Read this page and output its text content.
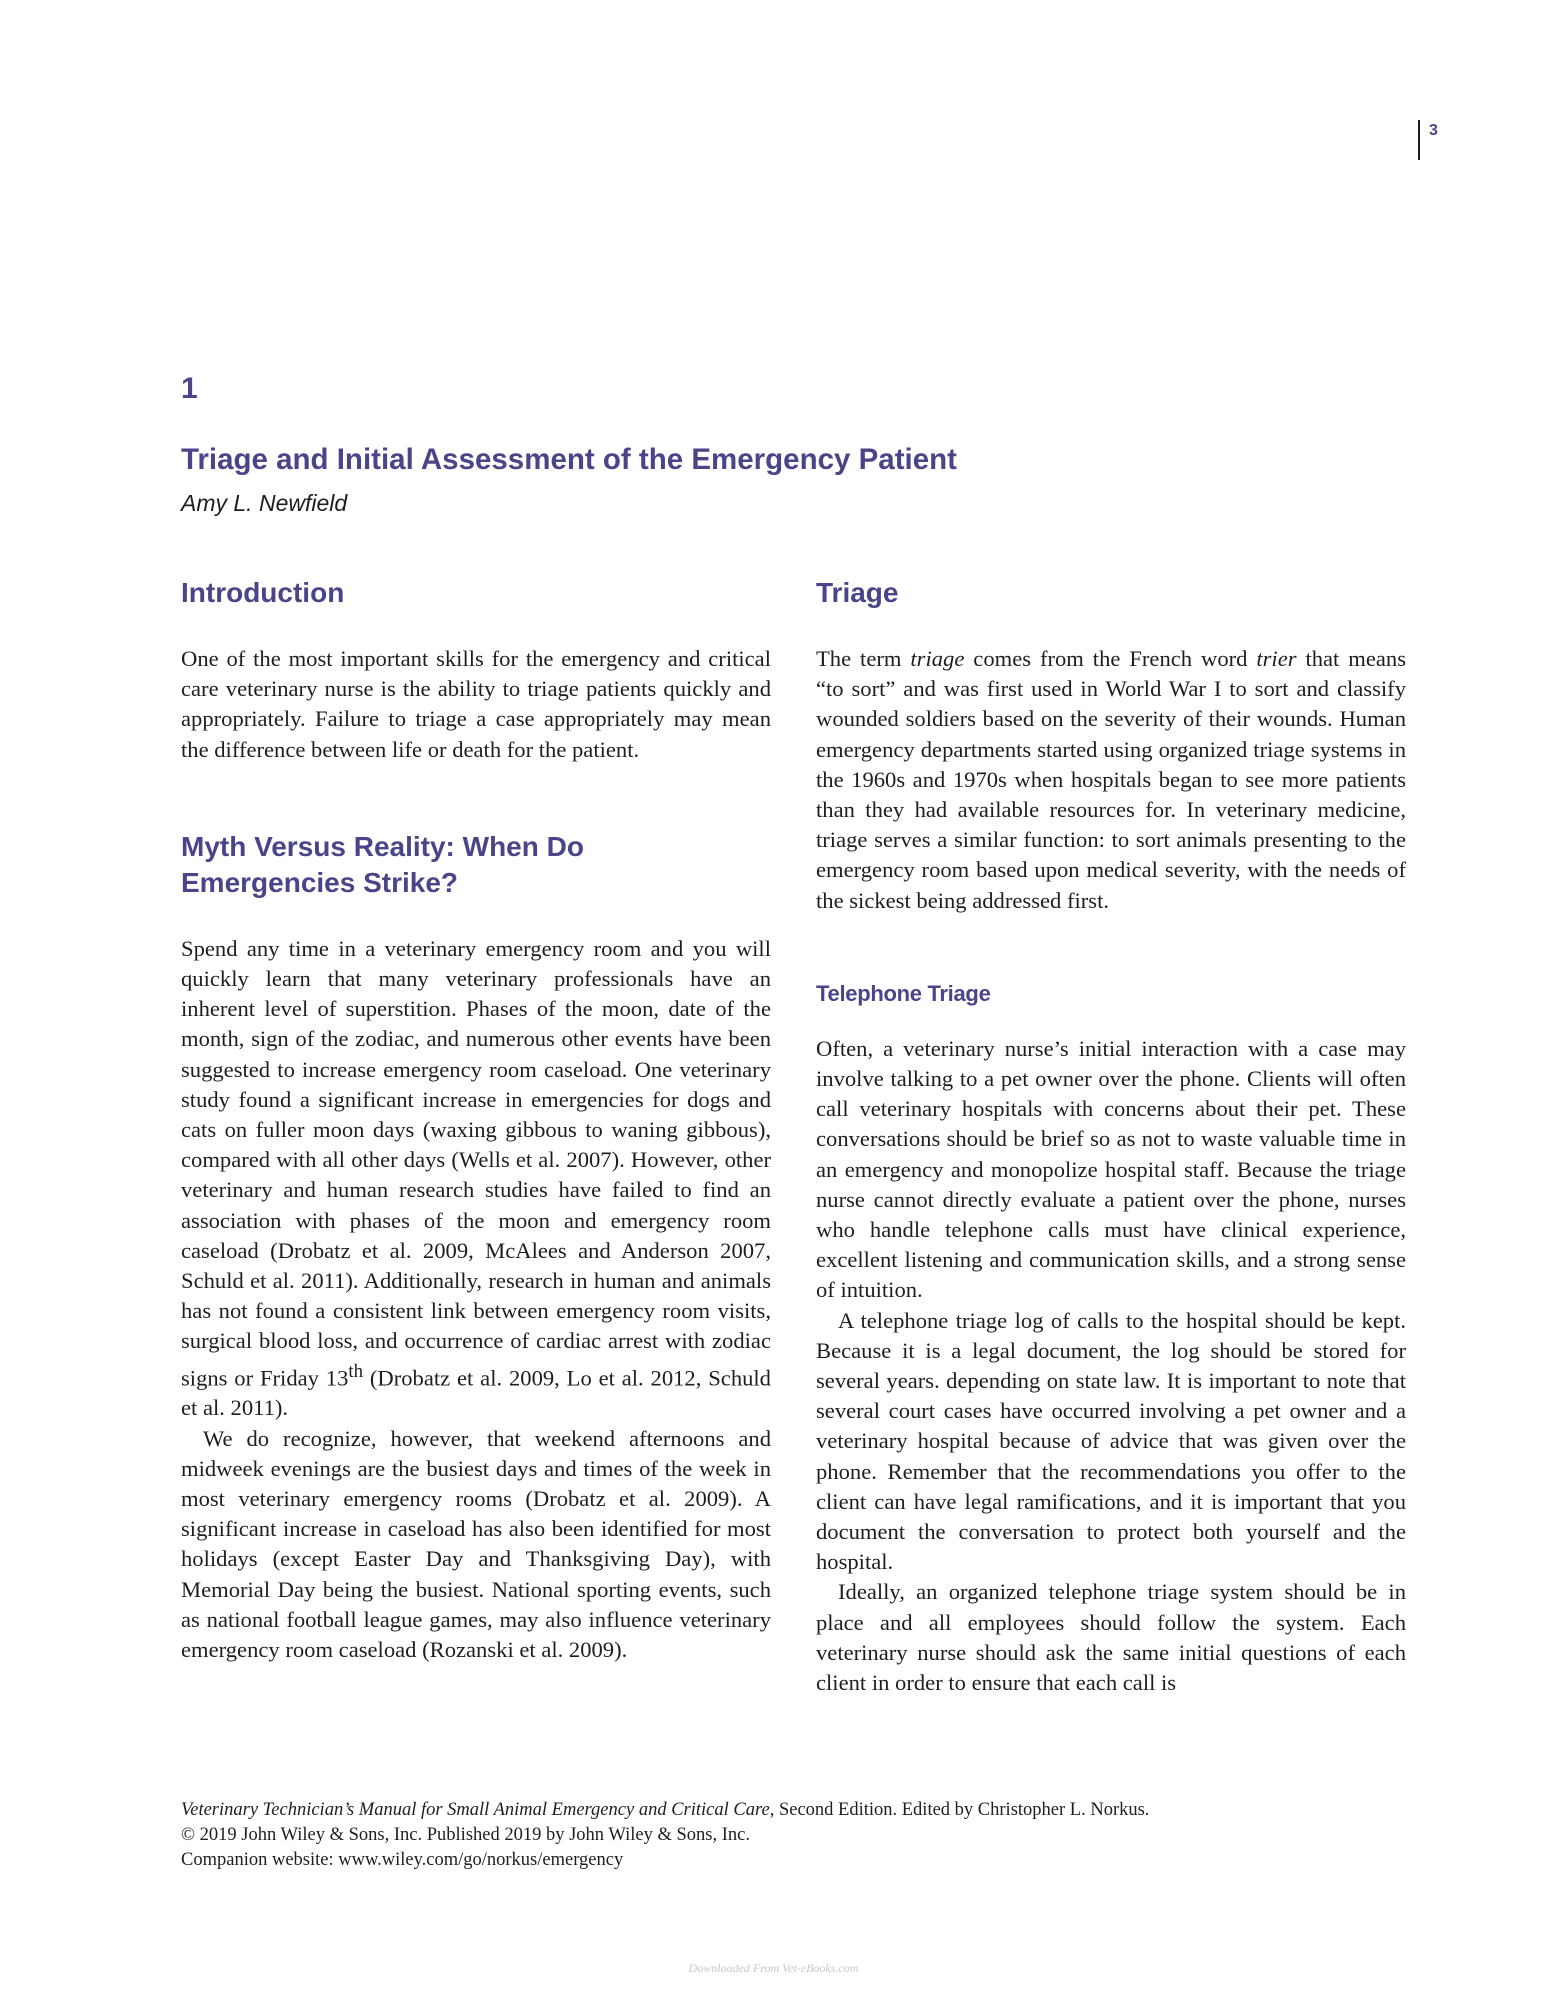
3
1
Triage and Initial Assessment of the Emergency Patient
Amy L. Newfield
Introduction

One of the most important skills for the emergency and critical care veterinary nurse is the ability to triage patients quickly and appropriately. Failure to triage a case appropriately may mean the difference between life or death for the patient.

Myth Versus Reality: When Do
Emergencies Strike?

Spend any time in a veterinary emergency room and you will quickly learn that many veterinary professionals have an inherent level of superstition. Phases of the moon, date of the month, sign of the zodiac, and numerous other events have been suggested to increase emergency room caseload. One veterinary study found a significant increase in emergencies for dogs and cats on fuller moon days (waxing gibbous to waning gibbous), compared with all other days (Wells et al. 2007). However, other veterinary and human research studies have failed to find an association with phases of the moon and emergency room caseload (Drobatz et al. 2009, McAlees and Anderson 2007, Schuld et al. 2011). Additionally, research in human and animals has not found a consistent link between emergency room visits, surgical blood loss, and occurrence of cardiac arrest with zodiac signs or Friday 13th (Drobatz et al. 2009, Lo et al. 2012, Schuld et al. 2011).

We do recognize, however, that weekend afternoons and midweek evenings are the busiest days and times of the week in most veterinary emergency rooms (Drobatz et al. 2009). A significant increase in caseload has also been identified for most holidays (except Easter Day and Thanksgiving Day), with Memorial Day being the busiest. National sporting events, such as national football league games, may also influence veterinary emergency room caseload (Rozanski et al. 2009).

Triage

The term triage comes from the French word trier that means “to sort” and was first used in World War I to sort and classify wounded soldiers based on the severity of their wounds. Human emergency departments started using organized triage systems in the 1960s and 1970s when hospitals began to see more patients than they had available resources for. In veterinary medicine, triage serves a similar function: to sort animals presenting to the emergency room based upon medical severity, with the needs of the sickest being addressed first.

Telephone Triage

Often, a veterinary nurse’s initial interaction with a case may involve talking to a pet owner over the phone. Clients will often call veterinary hospitals with concerns about their pet. These conversations should be brief so as not to waste valuable time in an emergency and monopolize hospital staff. Because the triage nurse cannot directly evaluate a patient over the phone, nurses who handle telephone calls must have clinical experience, excellent listening and communication skills, and a strong sense of intuition.

A telephone triage log of calls to the hospital should be kept. Because it is a legal document, the log should be stored for several years. depending on state law. It is important to note that several court cases have occurred involving a pet owner and a veterinary hospital because of advice that was given over the phone. Remember that the recommendations you offer to the client can have legal ramifications, and it is important that you document the conversation to protect both yourself and the hospital.

Ideally, an organized telephone triage system should be in place and all employees should follow the system. Each veterinary nurse should ask the same initial questions of each client in order to ensure that each call is

Veterinary Technician’s Manual for Small Animal Emergency and Critical Care, Second Edition. Edited by Christopher L. Norkus.
© 2019 John Wiley & Sons, Inc. Published 2019 by John Wiley & Sons, Inc.
Companion website: www.wiley.com/go/norkus/emergency
Downloaded From Vet-eBooks.com
